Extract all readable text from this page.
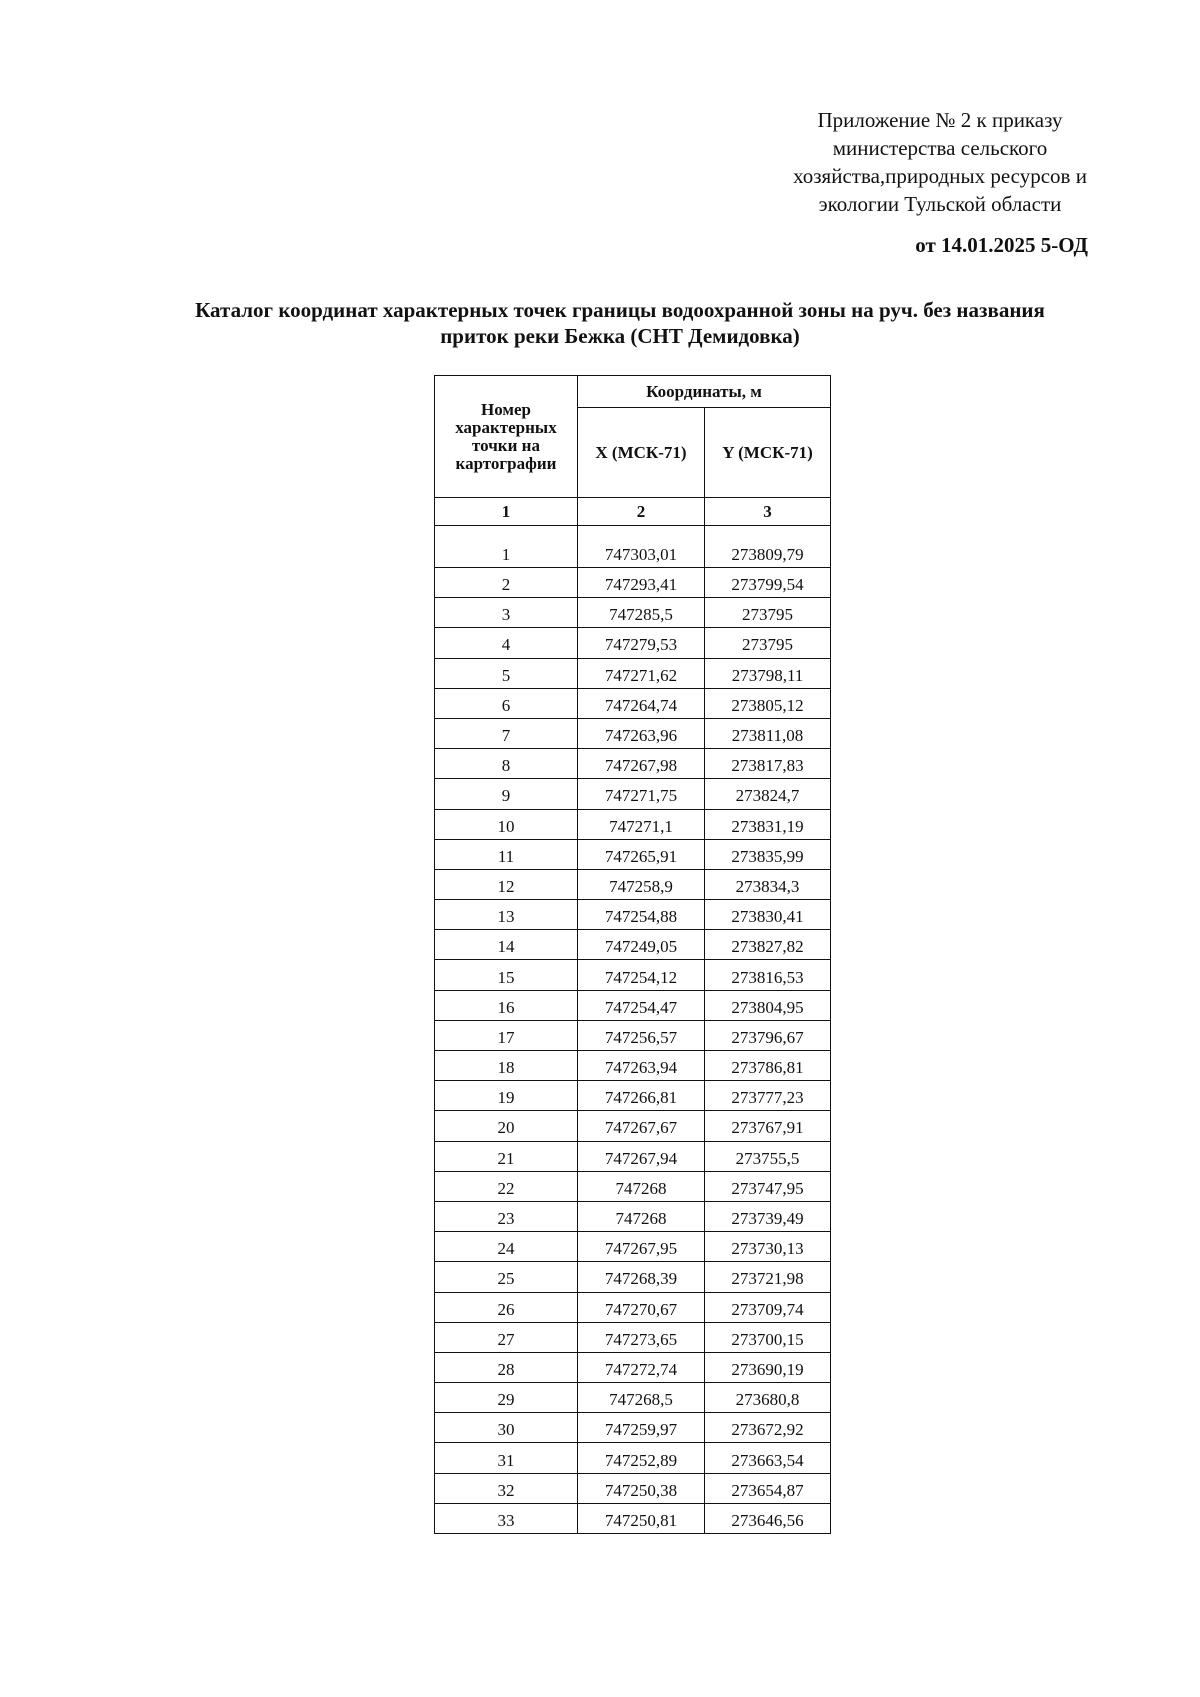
Приложение № 2 к приказу
министерства сельского
хозяйства,природных ресурсов и
экологии Тульской области
от 14.01.2025 5-ОД
Каталог координат характерных точек границы водоохранной зоны на руч. без названия
приток реки Бежка (СНТ Демидовка)
Номер характерных точки на картографии	Координаты, м	
	X (МСК-71)	Y (МСК-71)
1	2	3
1	747303,01	273809,79
2	747293,41	273799,54
3	747285,5	273795
4	747279,53	273795
5	747271,62	273798,11
6	747264,74	273805,12
7	747263,96	273811,08
8	747267,98	273817,83
9	747271,75	273824,7
10	747271,1	273831,19
11	747265,91	273835,99
12	747258,9	273834,3
13	747254,88	273830,41
14	747249,05	273827,82
15	747254,12	273816,53
16	747254,47	273804,95
17	747256,57	273796,67
18	747263,94	273786,81
19	747266,81	273777,23
20	747267,67	273767,91
21	747267,94	273755,5
22	747268	273747,95
23	747268	273739,49
24	747267,95	273730,13
25	747268,39	273721,98
26	747270,67	273709,74
27	747273,65	273700,15
28	747272,74	273690,19
29	747268,5	273680,8
30	747259,97	273672,92
31	747252,89	273663,54
32	747250,38	273654,87
33	747250,81	273646,56
